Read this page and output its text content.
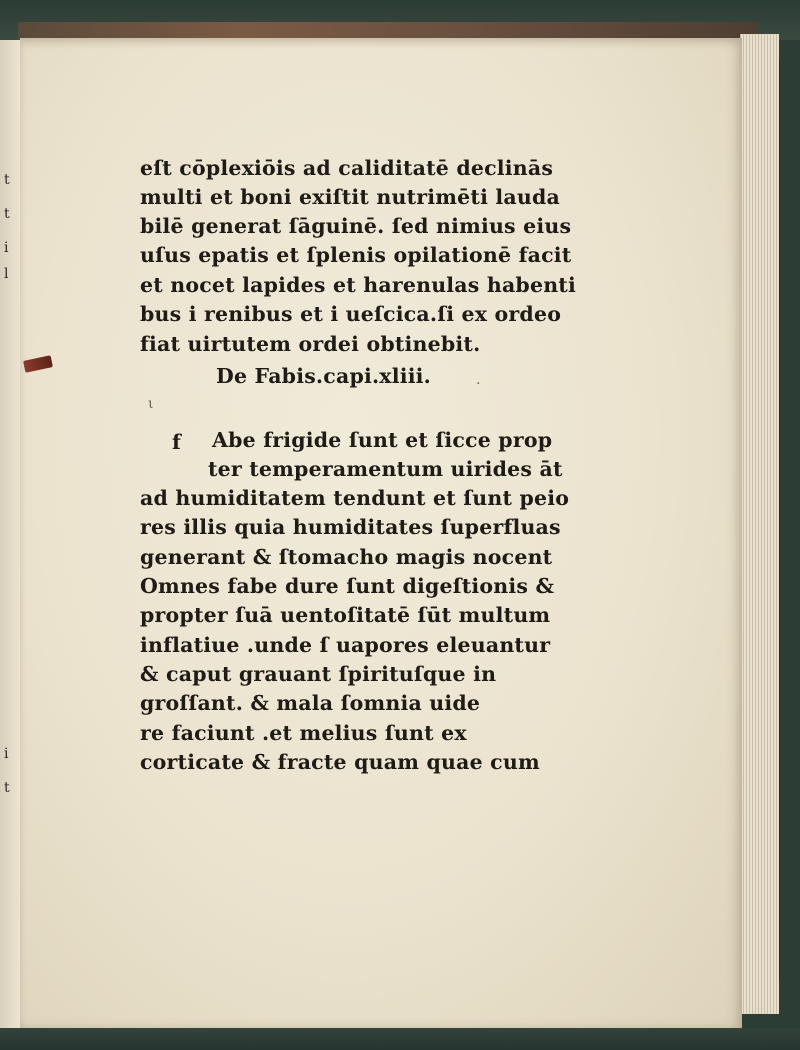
t
t
i
l
i
t
.
ι
eſt cōplexiōis ad caliditatē declinās
multi et boni exiſtit nutrimēti lauda
bilē generat ſāguinē. ſed nimius eius
uſus epatis et ſplenis opilationē facit
et nocet lapides et harenulas habenti
bus i renibus et i ueſcica.ſi ex ordeo
fiat uirtutem ordei obtinebit.
De Fabis.capi.xliii.
f Abe frigide ſunt et ſicce prop
ter temperamentum uirides āt
ad humiditatem tendunt et ſunt peio
res illis quia humiditates ſuperfluas
generant & ſtomacho magis nocent
Omnes fabe dure ſunt digeſtionis &
propter ſuā uentoſitatē ſūt multum
inflatiue .unde ſ uapores eleuantur
& caput grauant ſpirituſque in
groſſant. & mala ſomnia uide
re faciunt .et melius ſunt ex
corticate & fracte quam quae cum
